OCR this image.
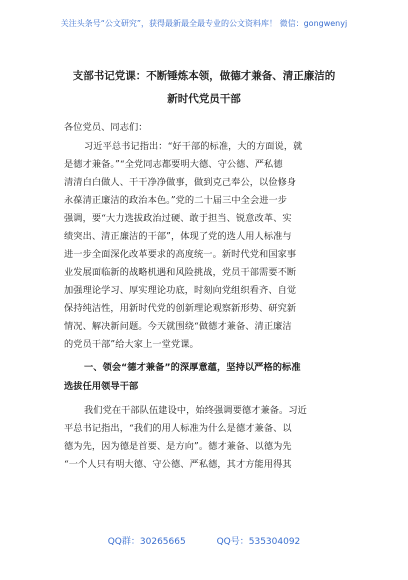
关注头条号“公文研究”，获得最新最全最专业的公文资料库！ 微信：gongwenyj
支部书记党课：不断锤炼本领，做德才兼备、清正廉洁的
新时代党员干部
各位党员、同志们：
习近平总书记指出：“好干部的标准，大的方面说，就
是德才兼备。”“全党同志都要明大德、守公德、严私德
清清白白做人、干干净净做事，做到克己奉公，以俭修身
永葆清正廉洁的政治本色。”党的二十届三中全会进一步
强调，要“大力选拔政治过硬、敢于担当、锐意改革、实
绩突出、清正廉洁的干部”，体现了党的选人用人标准与
进一步全面深化改革要求的高度统一。新时代党和国家事
业发展面临新的战略机遇和风险挑战，党员干部需要不断
加强理论学习、厚实理论功底，时刻向党组织看齐、自觉
保持纯洁性，用新时代党的创新理论观察新形势、研究新
情况、解决新问题。今天就围绕“做德才兼备、清正廉洁
的党员干部”给大家上一堂党课。
一、领会“德才兼备”的深厚意蕴，坚持以严格的标准
选拔任用领导干部
我们党在干部队伍建设中，始终强调要德才兼备。习近
平总书记指出，“我们的用人标准为什么是德才兼备、以
德为先，因为德是首要、是方向”。德才兼备、以德为先
“一个人只有明大德、守公德、严私德，其才方能用得其
QQ群：30265665	QQ号：535304092
